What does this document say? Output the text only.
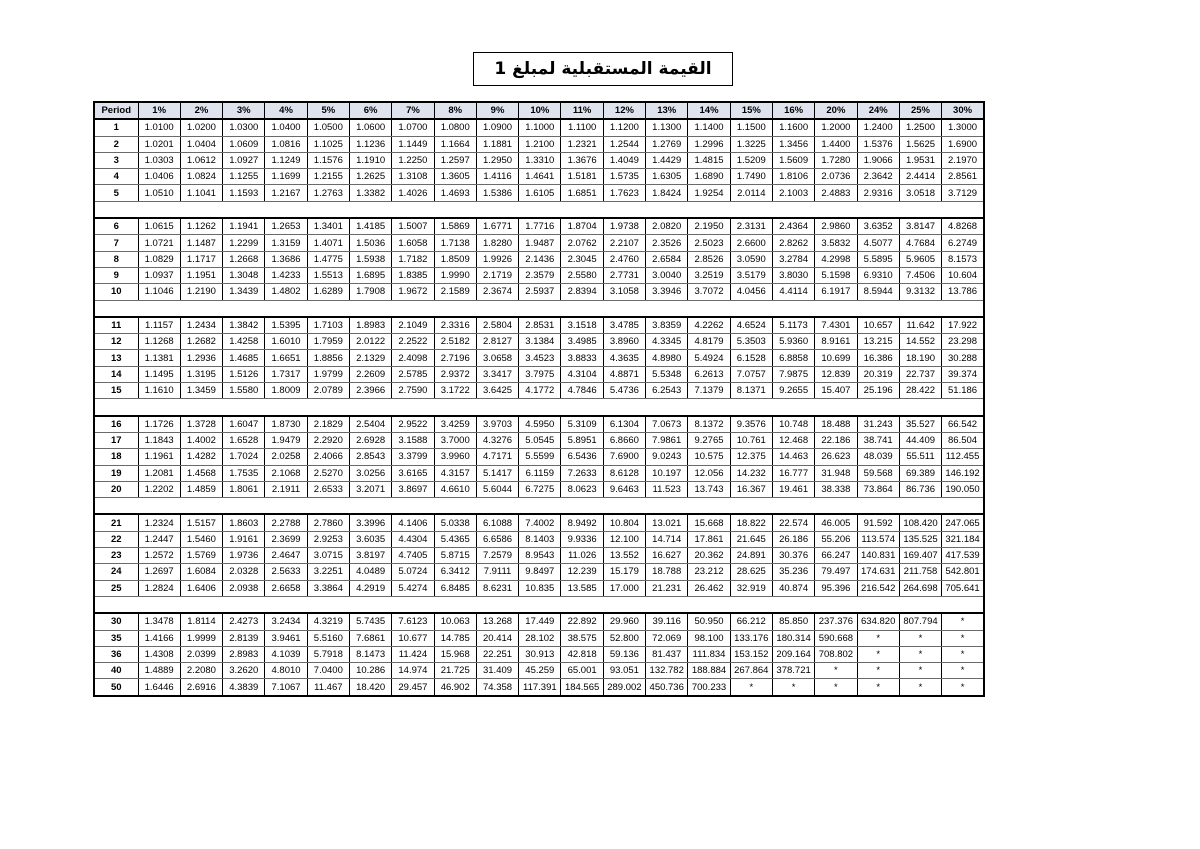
القيمة المستقبلية لمبلغ 1
Period	1%	2%	3%	4%	5%	6%	7%	8%	9%	10%	11%	12%	13%	14%	15%	16%	20%	24%	25%	30%
1	1.0100	1.0200	1.0300	1.0400	1.0500	1.0600	1.0700	1.0800	1.0900	1.1000	1.1100	1.1200	1.1300	1.1400	1.1500	1.1600	1.2000	1.2400	1.2500	1.3000
2	1.0201	1.0404	1.0609	1.0816	1.1025	1.1236	1.1449	1.1664	1.1881	1.2100	1.2321	1.2544	1.2769	1.2996	1.3225	1.3456	1.4400	1.5376	1.5625	1.6900
3	1.0303	1.0612	1.0927	1.1249	1.1576	1.1910	1.2250	1.2597	1.2950	1.3310	1.3676	1.4049	1.4429	1.4815	1.5209	1.5609	1.7280	1.9066	1.9531	2.1970
4	1.0406	1.0824	1.1255	1.1699	1.2155	1.2625	1.3108	1.3605	1.4116	1.4641	1.5181	1.5735	1.6305	1.6890	1.7490	1.8106	2.0736	2.3642	2.4414	2.8561
5	1.0510	1.1041	1.1593	1.2167	1.2763	1.3382	1.4026	1.4693	1.5386	1.6105	1.6851	1.7623	1.8424	1.9254	2.0114	2.1003	2.4883	2.9316	3.0518	3.7129

6	1.0615	1.1262	1.1941	1.2653	1.3401	1.4185	1.5007	1.5869	1.6771	1.7716	1.8704	1.9738	2.0820	2.1950	2.3131	2.4364	2.9860	3.6352	3.8147	4.8268
7	1.0721	1.1487	1.2299	1.3159	1.4071	1.5036	1.6058	1.7138	1.8280	1.9487	2.0762	2.2107	2.3526	2.5023	2.6600	2.8262	3.5832	4.5077	4.7684	6.2749
8	1.0829	1.1717	1.2668	1.3686	1.4775	1.5938	1.7182	1.8509	1.9926	2.1436	2.3045	2.4760	2.6584	2.8526	3.0590	3.2784	4.2998	5.5895	5.9605	8.1573
9	1.0937	1.1951	1.3048	1.4233	1.5513	1.6895	1.8385	1.9990	2.1719	2.3579	2.5580	2.7731	3.0040	3.2519	3.5179	3.8030	5.1598	6.9310	7.4506	10.604
10	1.1046	1.2190	1.3439	1.4802	1.6289	1.7908	1.9672	2.1589	2.3674	2.5937	2.8394	3.1058	3.3946	3.7072	4.0456	4.4114	6.1917	8.5944	9.3132	13.786

11	1.1157	1.2434	1.3842	1.5395	1.7103	1.8983	2.1049	2.3316	2.5804	2.8531	3.1518	3.4785	3.8359	4.2262	4.6524	5.1173	7.4301	10.657	11.642	17.922
12	1.1268	1.2682	1.4258	1.6010	1.7959	2.0122	2.2522	2.5182	2.8127	3.1384	3.4985	3.8960	4.3345	4.8179	5.3503	5.9360	8.9161	13.215	14.552	23.298
13	1.1381	1.2936	1.4685	1.6651	1.8856	2.1329	2.4098	2.7196	3.0658	3.4523	3.8833	4.3635	4.8980	5.4924	6.1528	6.8858	10.699	16.386	18.190	30.288
14	1.1495	1.3195	1.5126	1.7317	1.9799	2.2609	2.5785	2.9372	3.3417	3.7975	4.3104	4.8871	5.5348	6.2613	7.0757	7.9875	12.839	20.319	22.737	39.374
15	1.1610	1.3459	1.5580	1.8009	2.0789	2.3966	2.7590	3.1722	3.6425	4.1772	4.7846	5.4736	6.2543	7.1379	8.1371	9.2655	15.407	25.196	28.422	51.186

16	1.1726	1.3728	1.6047	1.8730	2.1829	2.5404	2.9522	3.4259	3.9703	4.5950	5.3109	6.1304	7.0673	8.1372	9.3576	10.748	18.488	31.243	35.527	66.542
17	1.1843	1.4002	1.6528	1.9479	2.2920	2.6928	3.1588	3.7000	4.3276	5.0545	5.8951	6.8660	7.9861	9.2765	10.761	12.468	22.186	38.741	44.409	86.504
18	1.1961	1.4282	1.7024	2.0258	2.4066	2.8543	3.3799	3.9960	4.7171	5.5599	6.5436	7.6900	9.0243	10.575	12.375	14.463	26.623	48.039	55.511	112.455
19	1.2081	1.4568	1.7535	2.1068	2.5270	3.0256	3.6165	4.3157	5.1417	6.1159	7.2633	8.6128	10.197	12.056	14.232	16.777	31.948	59.568	69.389	146.192
20	1.2202	1.4859	1.8061	2.1911	2.6533	3.2071	3.8697	4.6610	5.6044	6.7275	8.0623	9.6463	11.523	13.743	16.367	19.461	38.338	73.864	86.736	190.050

21	1.2324	1.5157	1.8603	2.2788	2.7860	3.3996	4.1406	5.0338	6.1088	7.4002	8.9492	10.804	13.021	15.668	18.822	22.574	46.005	91.592	108.420	247.065
22	1.2447	1.5460	1.9161	2.3699	2.9253	3.6035	4.4304	5.4365	6.6586	8.1403	9.9336	12.100	14.714	17.861	21.645	26.186	55.206	113.574	135.525	321.184
23	1.2572	1.5769	1.9736	2.4647	3.0715	3.8197	4.7405	5.8715	7.2579	8.9543	11.026	13.552	16.627	20.362	24.891	30.376	66.247	140.831	169.407	417.539
24	1.2697	1.6084	2.0328	2.5633	3.2251	4.0489	5.0724	6.3412	7.9111	9.8497	12.239	15.179	18.788	23.212	28.625	35.236	79.497	174.631	211.758	542.801
25	1.2824	1.6406	2.0938	2.6658	3.3864	4.2919	5.4274	6.8485	8.6231	10.835	13.585	17.000	21.231	26.462	32.919	40.874	95.396	216.542	264.698	705.641

30	1.3478	1.8114	2.4273	3.2434	4.3219	5.7435	7.6123	10.063	13.268	17.449	22.892	29.960	39.116	50.950	66.212	85.850	237.376	634.820	807.794	*
35	1.4166	1.9999	2.8139	3.9461	5.5160	7.6861	10.677	14.785	20.414	28.102	38.575	52.800	72.069	98.100	133.176	180.314	590.668	*	*	*
36	1.4308	2.0399	2.8983	4.1039	5.7918	8.1473	11.424	15.968	22.251	30.913	42.818	59.136	81.437	111.834	153.152	209.164	708.802	*	*	*
40	1.4889	2.2080	3.2620	4.8010	7.0400	10.286	14.974	21.725	31.409	45.259	65.001	93.051	132.782	188.884	267.864	378.721	*	*	*	*
50	1.6446	2.6916	4.3839	7.1067	11.467	18.420	29.457	46.902	74.358	117.391	184.565	289.002	450.736	700.233	*	*	*	*	*	*
